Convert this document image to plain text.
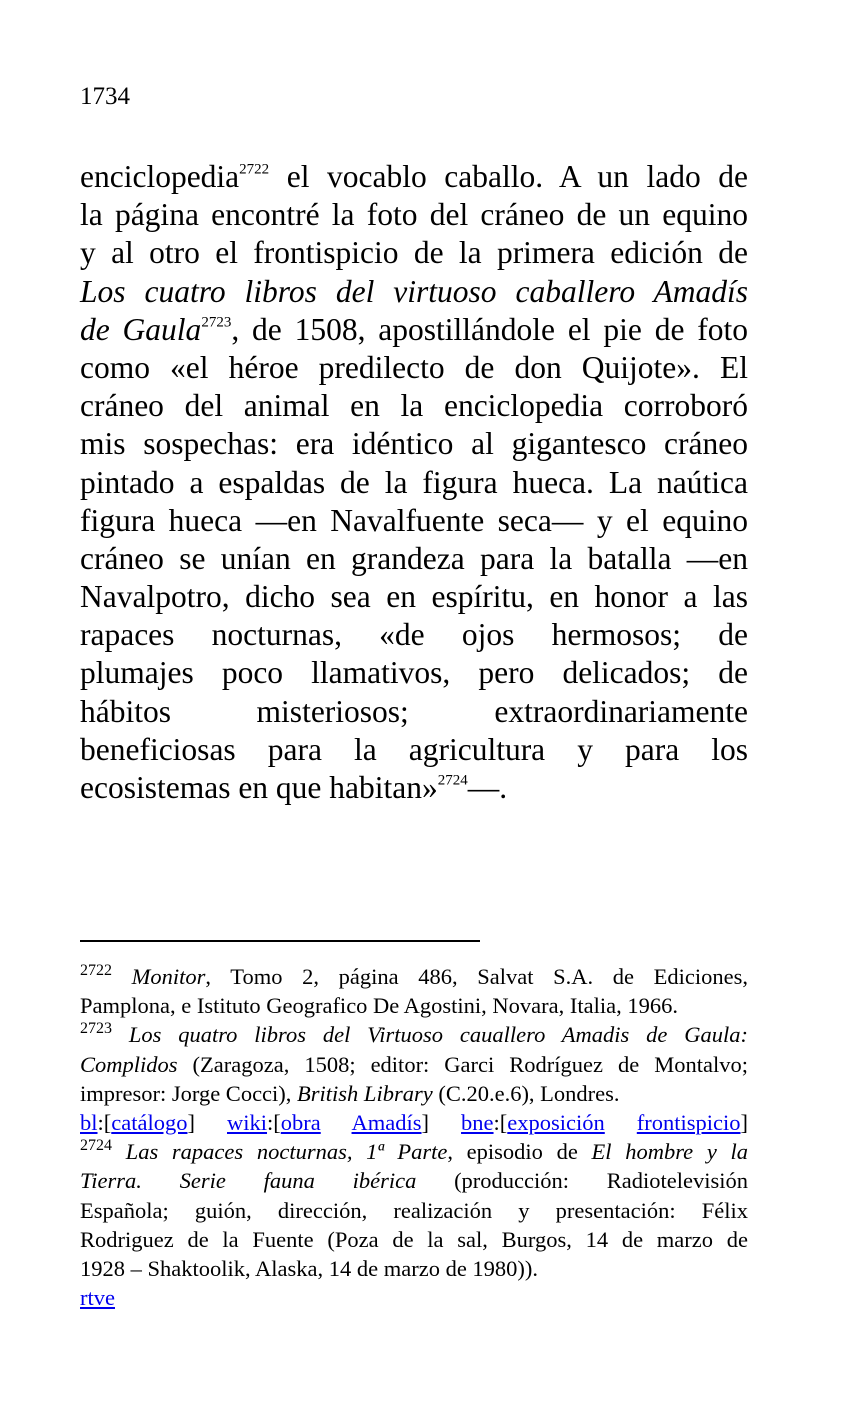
1734
enciclopedia$^{2722}$ el vocablo caballo. A un lado de
la página encontré la foto del cráneo de un equino
y al otro el frontispicio de la primera edición de
Los cuatro libros del virtuoso caballero Amadís
de Gaula$^{2723}$, de 1508, apostillándole el pie de foto
como «el héroe predilecto de don Quijote». El
cráneo del animal en la enciclopedia corroboró
mis sospechas: era idéntico al gigantesco cráneo
pintado a espaldas de la figura hueca. La naútica
figura hueca —en Navalfuente seca— y el equino
cráneo se unían en grandeza para la batalla —en
Navalpotro, dicho sea en espíritu, en honor a las
rapaces nocturnas, «de ojos hermosos; de
plumajes poco llamativos, pero delicados; de
hábitos misteriosos; extraordinariamente
beneficiosas para la agricultura y para los
ecosistemas en que habitan»$^{2724}$—.
$^{2722}$ Monitor, Tomo 2, página 486, Salvat S.A. de Ediciones,
Pamplona, e Istituto Geografico De Agostini, Novara, Italia, 1966.
$^{2723}$ Los quatro libros del Virtuoso cauallero Amadis de Gaula:
Complidos (Zaragoza, 1508; editor: Garci Rodríguez de Montalvo;
impresor: Jorge Cocci), British Library (C.20.e.6), Londres.
bl:[catálogo] wiki:[obra Amadís] bne:[exposición frontispicio]
$^{2724}$ Las rapaces nocturnas, 1ª Parte, episodio de El hombre y la
Tierra. Serie fauna ibérica (producción: Radiotelevisión
Española; guión, dirección, realización y presentación: Félix
Rodriguez de la Fuente (Poza de la sal, Burgos, 14 de marzo de
1928 – Shaktoolik, Alaska, 14 de marzo de 1980)).
rtve
